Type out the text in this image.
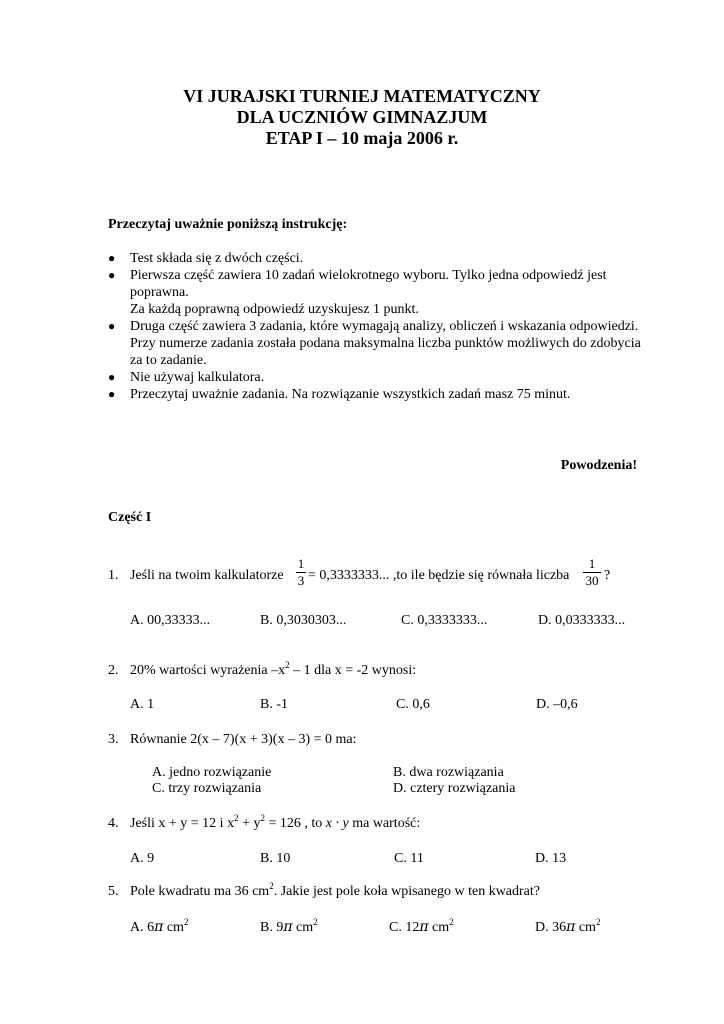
VI JURAJSKI TURNIEJ MATEMATYCZNY
DLA UCZNIÓW GIMNAZJUM
ETAP I – 10 maja 2006 r.
Przeczytaj uważnie poniższą instrukcję:
● Test składa się z dwóch części.
● Pierwsza część zawiera 10 zadań wielokrotnego wyboru. Tylko jedna odpowiedź jest poprawna.
Za każdą poprawną odpowiedź uzyskujesz 1 punkt.
● Druga część zawiera 3 zadania, które wymagają analizy, obliczeń i wskazania odpowiedzi.
Przy numerze zadania została podana maksymalna liczba punktów możliwych do zdobycia za to zadanie.
● Nie używaj kalkulatora.
● Przeczytaj uważnie zadania. Na rozwiązanie wszystkich zadań masz 75 minut.
Powodzenia!
Część I
1. Jeśli na twoim kalkulatorze
1
3 = 0,3333333... ,to ile będzie się równała liczba
1
30 ?
A. 00,33333...	B. 0,3030303...	C. 0,3333333...	D. 0,0333333...
2. 20% wartości wyrażenia $-x^2 - 1$ dla x = -2 wynosi:
A. 1	B. -1	C. 0,6	D. –0,6
3. Równanie 2(x – 7)(x + 3)(x – 3) = 0 ma:
A. jedno rozwiązanie	B. dwa rozwiązania
C. trzy rozwiązania	D. cztery rozwiązania
4. Jeśli x + y = 12 i $x^2 + y^2 = 126$ , to x · y ma wartość:
A. 9	B. 10	C. 11	D. 13
5. Pole kwadratu ma 36 $cm^2$. Jakie jest pole koła wpisanego w ten kwadrat?
A. 6π $cm^2$	B. 9π $cm^2$	C. 12π $cm^2$	D. 36π $cm^2$
